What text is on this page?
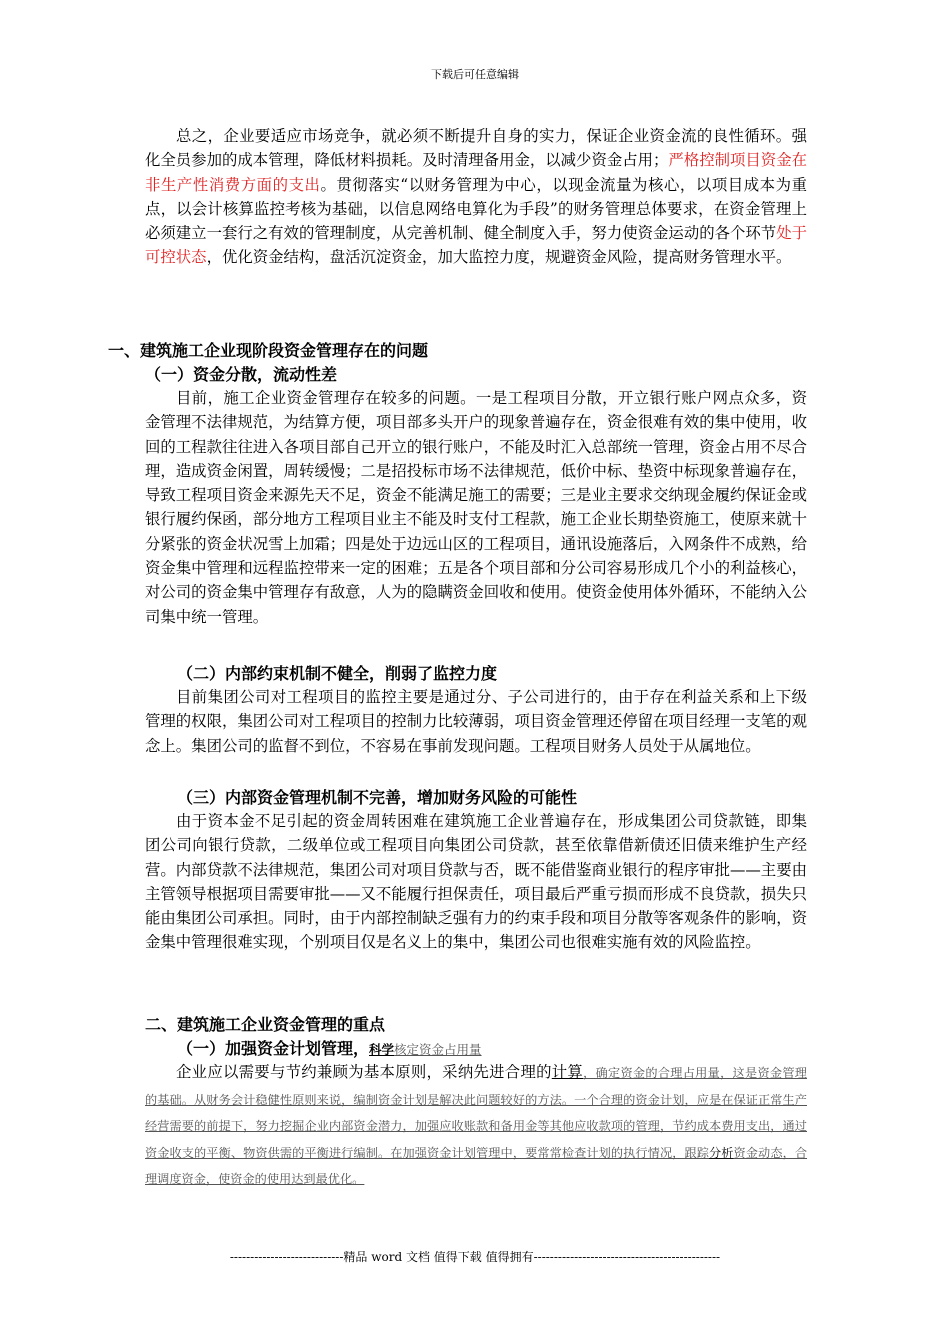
下载后可任意编辑

总之，企业要适应市场竞争，就必须不断提升自身的实力，保证企业资金流的良性循环。强化全员参加的成本管理，降低材料损耗。及时清理备用金，以减少资金占用；严格控制项目资金在非生产性消费方面的支出。贯彻落实“以财务管理为中心，以现金流量为核心，以项目成本为重点，以会计核算监控考核为基础，以信息网络电算化为手段”的财务管理总体要求，在资金管理上必须建立一套行之有效的管理制度，从完善机制、健全制度入手，努力使资金运动的各个环节处于可控状态，优化资金结构，盘活沉淀资金，加大监控力度，规避资金风险，提高财务管理水平。

一、建筑施工企业现阶段资金管理存在的问题
（一）资金分散，流动性差

目前，施工企业资金管理存在较多的问题。一是工程项目分散，开立银行账户网点众多，资金管理不法律规范，为结算方便，项目部多头开户的现象普遍存在，资金很难有效的集中使用，收回的工程款往往进入各项目部自己开立的银行账户，不能及时汇入总部统一管理，资金占用不尽合理，造成资金闲置，周转缓慢；二是招投标市场不法律规范，低价中标、垫资中标现象普遍存在，导致工程项目资金来源先天不足，资金不能满足施工的需要；三是业主要求交纳现金履约保证金或银行履约保函，部分地方工程项目业主不能及时支付工程款，施工企业长期垫资施工，使原来就十分紧张的资金状况雪上加霜；四是处于边远山区的工程项目，通讯设施落后，入网条件不成熟，给资金集中管理和远程监控带来一定的困难；五是各个项目部和分公司容易形成几个小的利益核心，对公司的资金集中管理存有敌意，人为的隐瞒资金回收和使用。使资金使用体外循环，不能纳入公司集中统一管理。

（二）内部约束机制不健全，削弱了监控力度

目前集团公司对工程项目的监控主要是通过分、子公司进行的，由于存在利益关系和上下级管理的权限，集团公司对工程项目的控制力比较薄弱，项目资金管理还停留在项目经理一支笔的观念上。集团公司的监督不到位，不容易在事前发现问题。工程项目财务人员处于从属地位。

（三）内部资金管理机制不完善，增加财务风险的可能性

由于资本金不足引起的资金周转困难在建筑施工企业普遍存在，形成集团公司贷款链，即集团公司向银行贷款，二级单位或工程项目向集团公司贷款，甚至依靠借新债还旧债来维护生产经营。内部贷款不法律规范，集团公司对项目贷款与否，既不能借鉴商业银行的程序审批——主要由主管领导根据项目需要审批——又不能履行担保责任，项目最后严重亏损而形成不良贷款，损失只能由集团公司承担。同时，由于内部控制缺乏强有力的约束手段和项目分散等客观条件的影响，资金集中管理很难实现，个别项目仅是名义上的集中，集团公司也很难实施有效的风险监控。

二、建筑施工企业资金管理的重点
（一）加强资金计划管理，科学核定资金占用量

企业应以需要与节约兼顾为基本原则，采纳先进合理的计算，确定资金的合理占用量，这是资金管理的基础。从财务会计稳健性原则来说，编制资金计划是解决此问题较好的方法。一个合理的资金计划，应是在保证正常生产经营需要的前提下，努力挖掘企业内部资金潜力，加强应收账款和备用金等其他应收款项的管理，节约成本费用支出，通过资金收支的平衡、物资供需的平衡进行编制。在加强资金计划管理中，要常常检查计划的执行情况，跟踪分析资金动态，合理调度资金，使资金的使用达到最优化。

----------------------------精品 word 文档 值得下载 值得拥有----------------------------------------------
